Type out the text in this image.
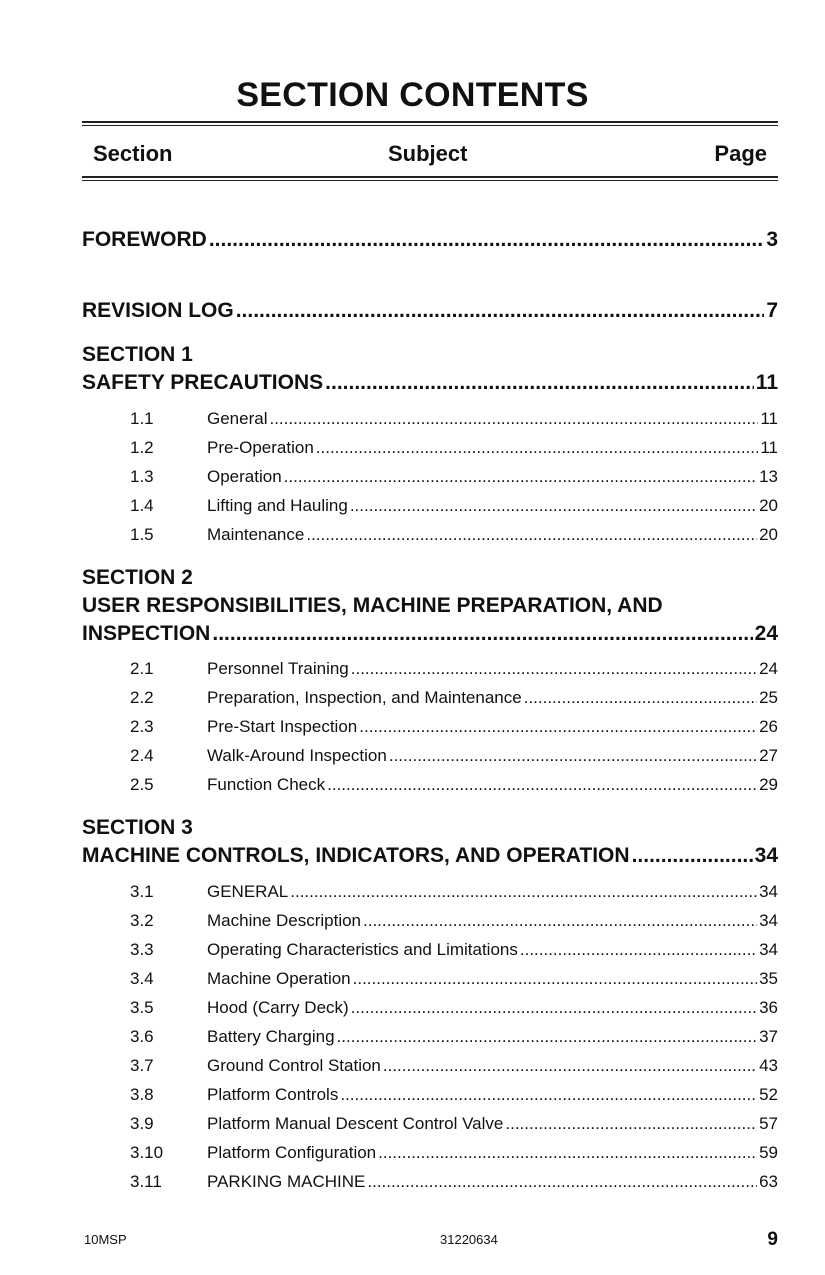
SECTION CONTENTS
Section	Subject	Page
FOREWORD .....	3
REVISION LOG .....	7
SECTION 1
SAFETY PRECAUTIONS .....	11
1.1	General .....	11
1.2	Pre-Operation .....	11
1.3	Operation .....	13
1.4	Lifting and Hauling .....	20
1.5	Maintenance .....	20
SECTION 2
USER RESPONSIBILITIES, MACHINE PREPARATION, AND
INSPECTION .....	24
2.1	Personnel Training .....	24
2.2	Preparation, Inspection, and Maintenance .....	25
2.3	Pre-Start Inspection .....	26
2.4	Walk-Around Inspection .....	27
2.5	Function Check .....	29
SECTION 3
MACHINE CONTROLS, INDICATORS, AND OPERATION .....	34
3.1	GENERAL .....	34
3.2	Machine Description .....	34
3.3	Operating Characteristics and Limitations .....	34
3.4	Machine Operation .....	35
3.5	Hood (Carry Deck) .....	36
3.6	Battery Charging .....	37
3.7	Ground Control Station .....	43
3.8	Platform Controls .....	52
3.9	Platform Manual Descent Control Valve .....	57
3.10	Platform Configuration .....	59
3.11	PARKING MACHINE .....	63
10MSP	31220634	9
